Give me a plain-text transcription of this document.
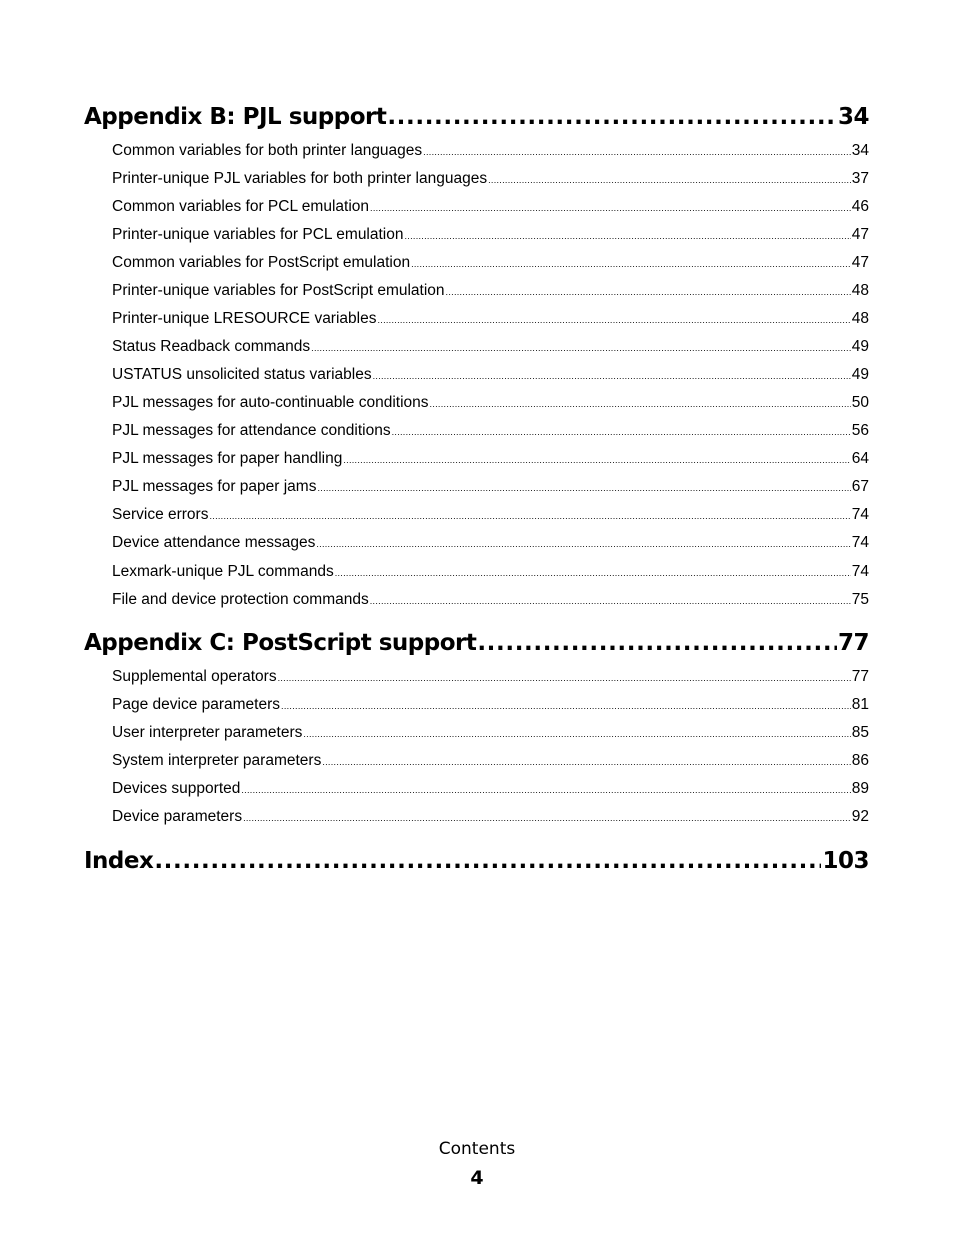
Appendix B: PJL support .....	34
Common variables for both printer languages .....	34
Printer-unique PJL variables for both printer languages .....	37
Common variables for PCL emulation .....	46
Printer-unique variables for PCL emulation .....	47
Common variables for PostScript emulation .....	47
Printer-unique variables for PostScript emulation .....	48
Printer-unique LRESOURCE variables .....	48
Status Readback commands .....	49
USTATUS unsolicited status variables .....	49
PJL messages for auto-continuable conditions .....	50
PJL messages for attendance conditions .....	56
PJL messages for paper handling .....	64
PJL messages for paper jams .....	67
Service errors .....	74
Device attendance messages .....	74
Lexmark-unique PJL commands .....	74
File and device protection commands .....	75
Appendix C: PostScript support .....	77
Supplemental operators .....	77
Page device parameters .....	81
User interpreter parameters .....	85
System interpreter parameters .....	86
Devices supported .....	89
Device parameters .....	92
Index .....	103
Contents
4
